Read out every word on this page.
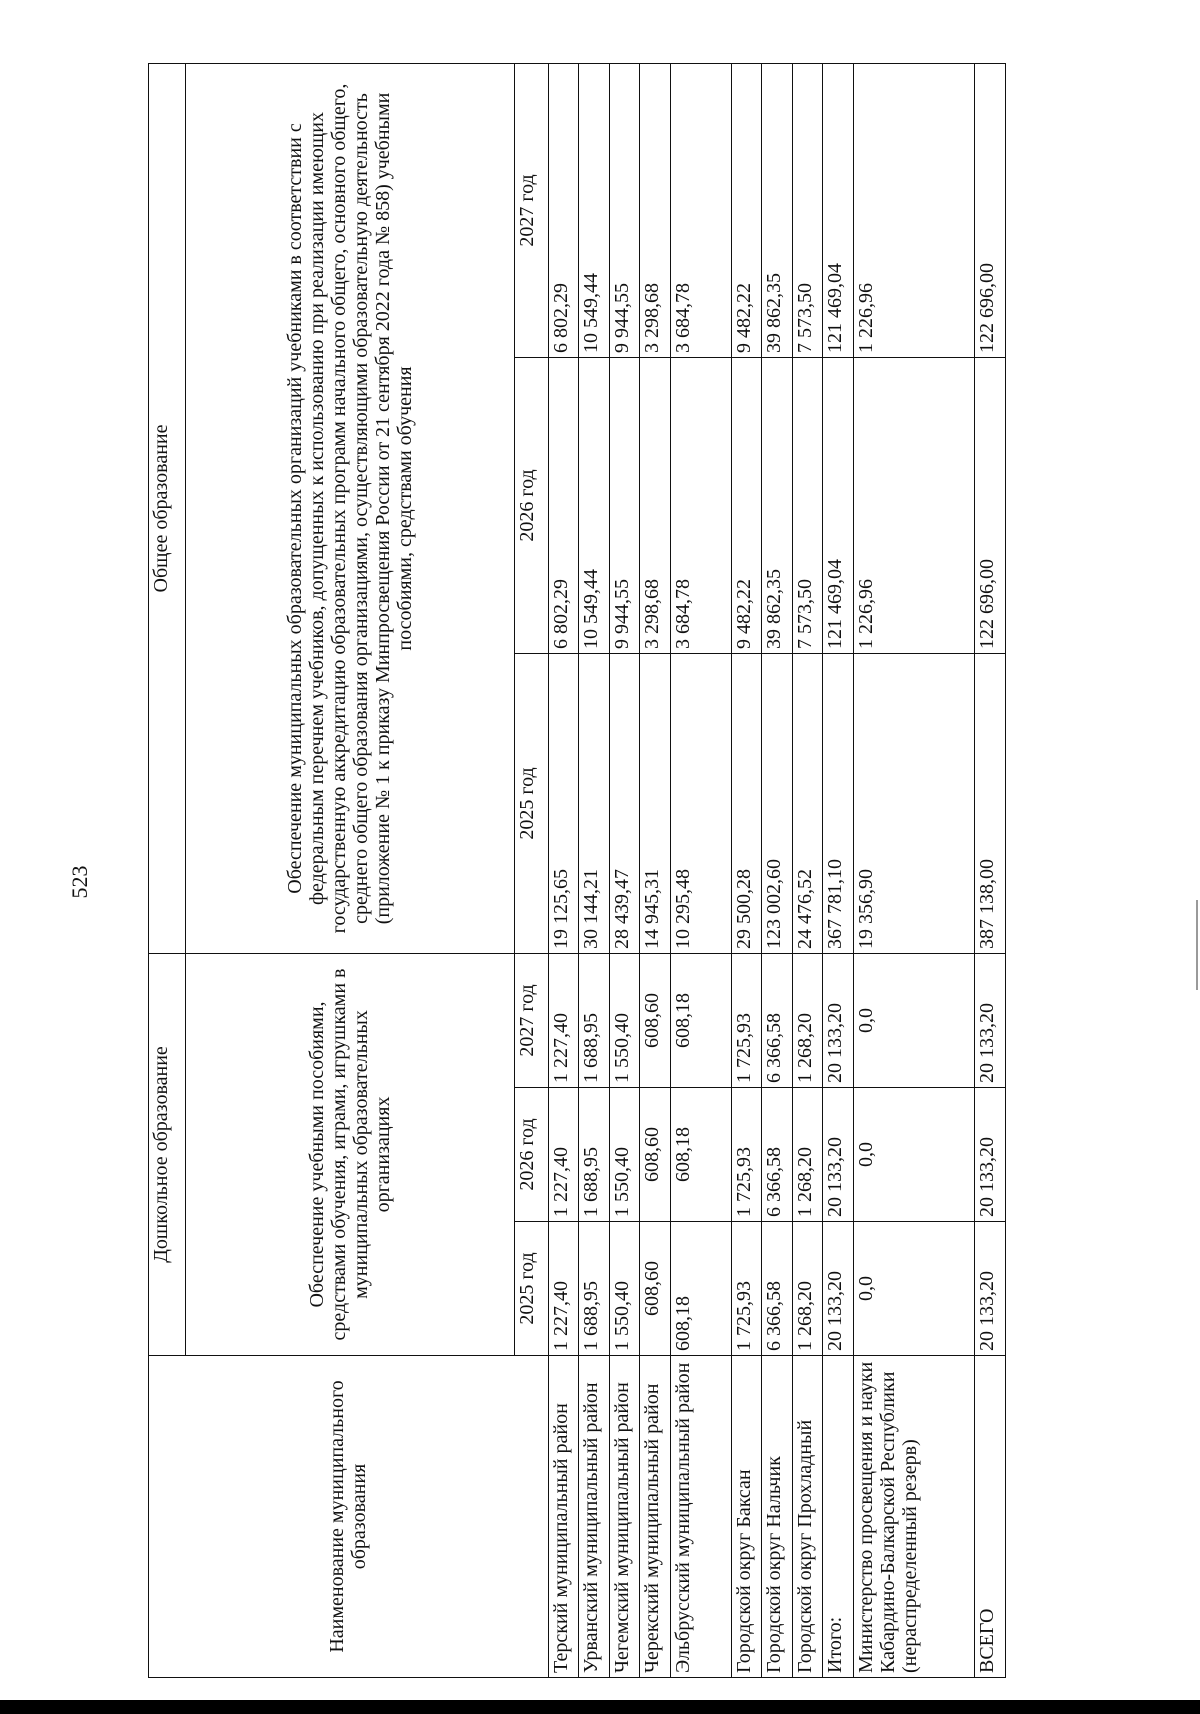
523
Наименование муниципального образования	Дошкольное образование			Общее образование		
	Обеспечение учебными пособиями, средствами обучения, играми, игрушками в муниципальных образовательных организациях			Обеспечение муниципальных образовательных организаций учебниками в соответствии с федеральным перечнем учебников, допущенных к использованию при реализации имеющих государственную аккредитацию образовательных программ начального общего, основного общего, среднего общего образования организациями, осуществляющими образовательную деятельность (приложение № 1 к приказу Минпросвещения России от 21 сентября 2022 года № 858) учебными пособиями, средствами обучения		
	2025 год	2026 год	2027 год	2025 год	2026 год	2027 год
Терский муниципальный район	1 227,40	1 227,40	1 227,40	19 125,65	6 802,29	6 802,29
Урванский муниципальный район	1 688,95	1 688,95	1 688,95	30 144,21	10 549,44	10 549,44
Чегемский муниципальный район	1 550,40	1 550,40	1 550,40	28 439,47	9 944,55	9 944,55
Черекский муниципальный район	608,60	608,60	608,60	14 945,31	3 298,68	3 298,68
Эльбрусский муниципальный район	608,18	608,18	608,18	10 295,48	3 684,78	3 684,78
Городской округ Баксан	1 725,93	1 725,93	1 725,93	29 500,28	9 482,22	9 482,22
Городской округ Нальчик	6 366,58	6 366,58	6 366,58	123 002,60	39 862,35	39 862,35
Городской округ Прохладный	1 268,20	1 268,20	1 268,20	24 476,52	7 573,50	7 573,50
Итого:	20 133,20	20 133,20	20 133,20	367 781,10	121 469,04	121 469,04
Министерство просвещения и науки Кабардино-Балкарской Республики (нераспределенный резерв)	0,0	0,0	0,0	19 356,90	1 226,96	1 226,96
ВСЕГО	20 133,20	20 133,20	20 133,20	387 138,00	122 696,00	122 696,00
